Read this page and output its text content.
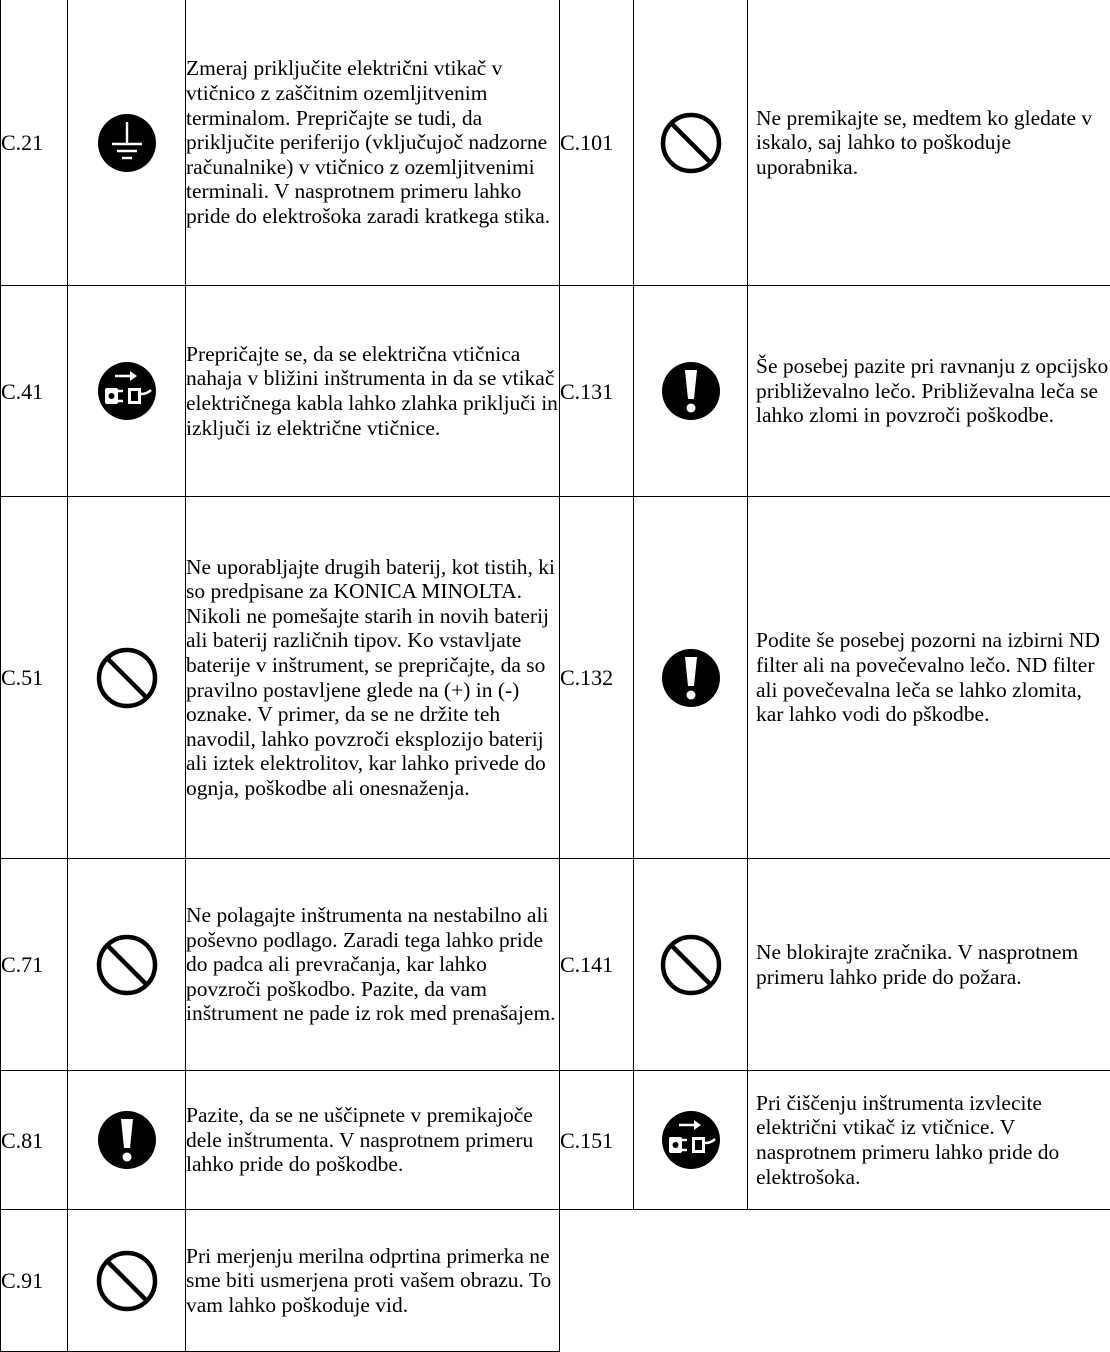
C.21		Zmeraj priključite električni vtikač v vtičnico z zaščitnim ozemljitvenim terminalom. Prepričajte se tudi, da priključite periferijo (vključujoč nadzorne računalnike) v vtičnico z ozemljitvenimi terminali. V nasprotnem primeru lahko pride do elektrošoka zaradi kratkega stika.	C.101		Ne premikajte se, medtem ko gledate v iskalo, saj lahko to poškoduje uporabnika.
C.41		Prepričajte se, da se električna vtičnica nahaja v bližini inštrumenta in da se vtikač električnega kabla lahko zlahka priključi in izključi iz električne vtičnice.	C.131		Še posebej pazite pri ravnanju z opcijsko približevalno lečo. Približevalna leča se lahko zlomi in povzroči poškodbe.
C.51		Ne uporabljajte drugih baterij, kot tistih, ki so predpisane za KONICA MINOLTA. Nikoli ne pomešajte starih in novih baterij ali baterij različnih tipov. Ko vstavljate baterije v inštrument, se prepričajte, da so pravilno postavljene glede na (+) in (-) oznake. V primer, da se ne držite teh navodil, lahko povzroči eksplozijo baterij ali iztek elektrolitov, kar lahko privede do ognja, poškodbe ali onesnaženja.	C.132		Podite še posebej pozorni na izbirni ND filter ali na povečevalno lečo. ND filter ali povečevalna leča se lahko zlomita, kar lahko vodi do pškodbe.
C.71		Ne polagajte inštrumenta na nestabilno ali poševno podlago. Zaradi tega lahko pride do padca ali prevračanja, kar lahko povzroči poškodbo. Pazite, da vam inštrument ne pade iz rok med prenašajem.	C.141		Ne blokirajte zračnika. V nasprotnem primeru lahko pride do požara.
C.81		Pazite, da se ne uščipnete v premikajoče dele inštrumenta. V nasprotnem primeru lahko pride do poškodbe.	C.151		Pri čiščenju inštrumenta izvlecite električni vtikač iz vtičnice. V nasprotnem primeru lahko pride do elektrošoka.
C.91		Pri merjenju merilna odprtina primerka ne sme biti usmerjena proti vašem obrazu. To vam lahko poškoduje vid.			
